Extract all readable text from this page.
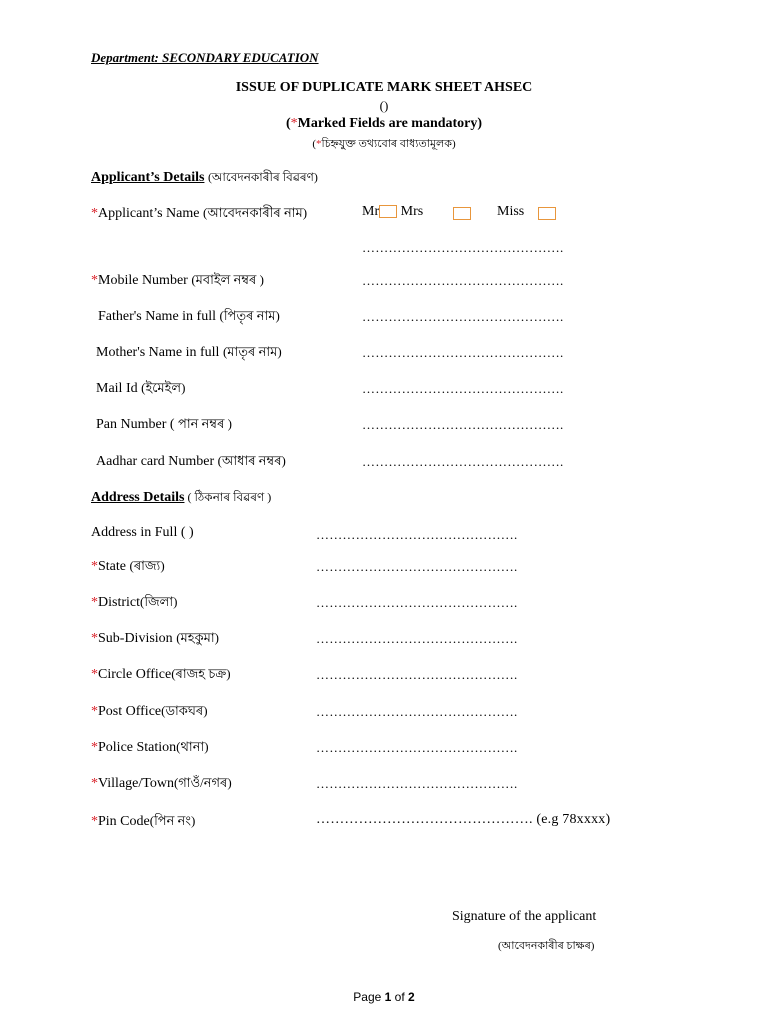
Department: SECONDARY EDUCATION
ISSUE OF DUPLICATE MARK SHEET AHSEC
()
(*Marked Fields are mandatory)
(*চিহ্নযুক্ত তথ্যবোৰ বাধ্যতামূলক)
Applicant’s Details (আবেদনকাৰীৰ বিৱৰণ)
*Applicant’s Name (আবেদনকাৰীৰ নাম)	Mr Mrs	Miss
……………………………………….
*Mobile Number (মবাইল নম্বৰ )	……………………………………….
Father's Name in full (পিতৃৰ নাম)	……………………………………….
Mother's Name in full (মাতৃৰ নাম)	……………………………………….
Mail Id (ইমেইল)	……………………………………….
Pan Number ( পান নম্বৰ )	……………………………………….
Aadhar card Number (আধাৰ নম্বৰ)	……………………………………….
Address Details ( ঠিকনাৰ বিৱৰণ )
Address in Full ( )	……………………………………….
*State (ৰাজ্য)	……………………………………….
*District(জিলা)	……………………………………….
*Sub-Division (মহকুমা)	……………………………………….
*Circle Office(ৰাজহ চক্ৰ)	……………………………………….
*Post Office(ডাকঘৰ)	……………………………………….
*Police Station(থানা)	……………………………………….
*Village/Town(গাওঁ/নগৰ)	……………………………………….
*Pin Code(পিন নং)	………………………………………. (e.g 78xxxx)
Signature of the applicant
(আবেদনকাৰীৰ চাক্ষৰ)
Page 1 of 2
